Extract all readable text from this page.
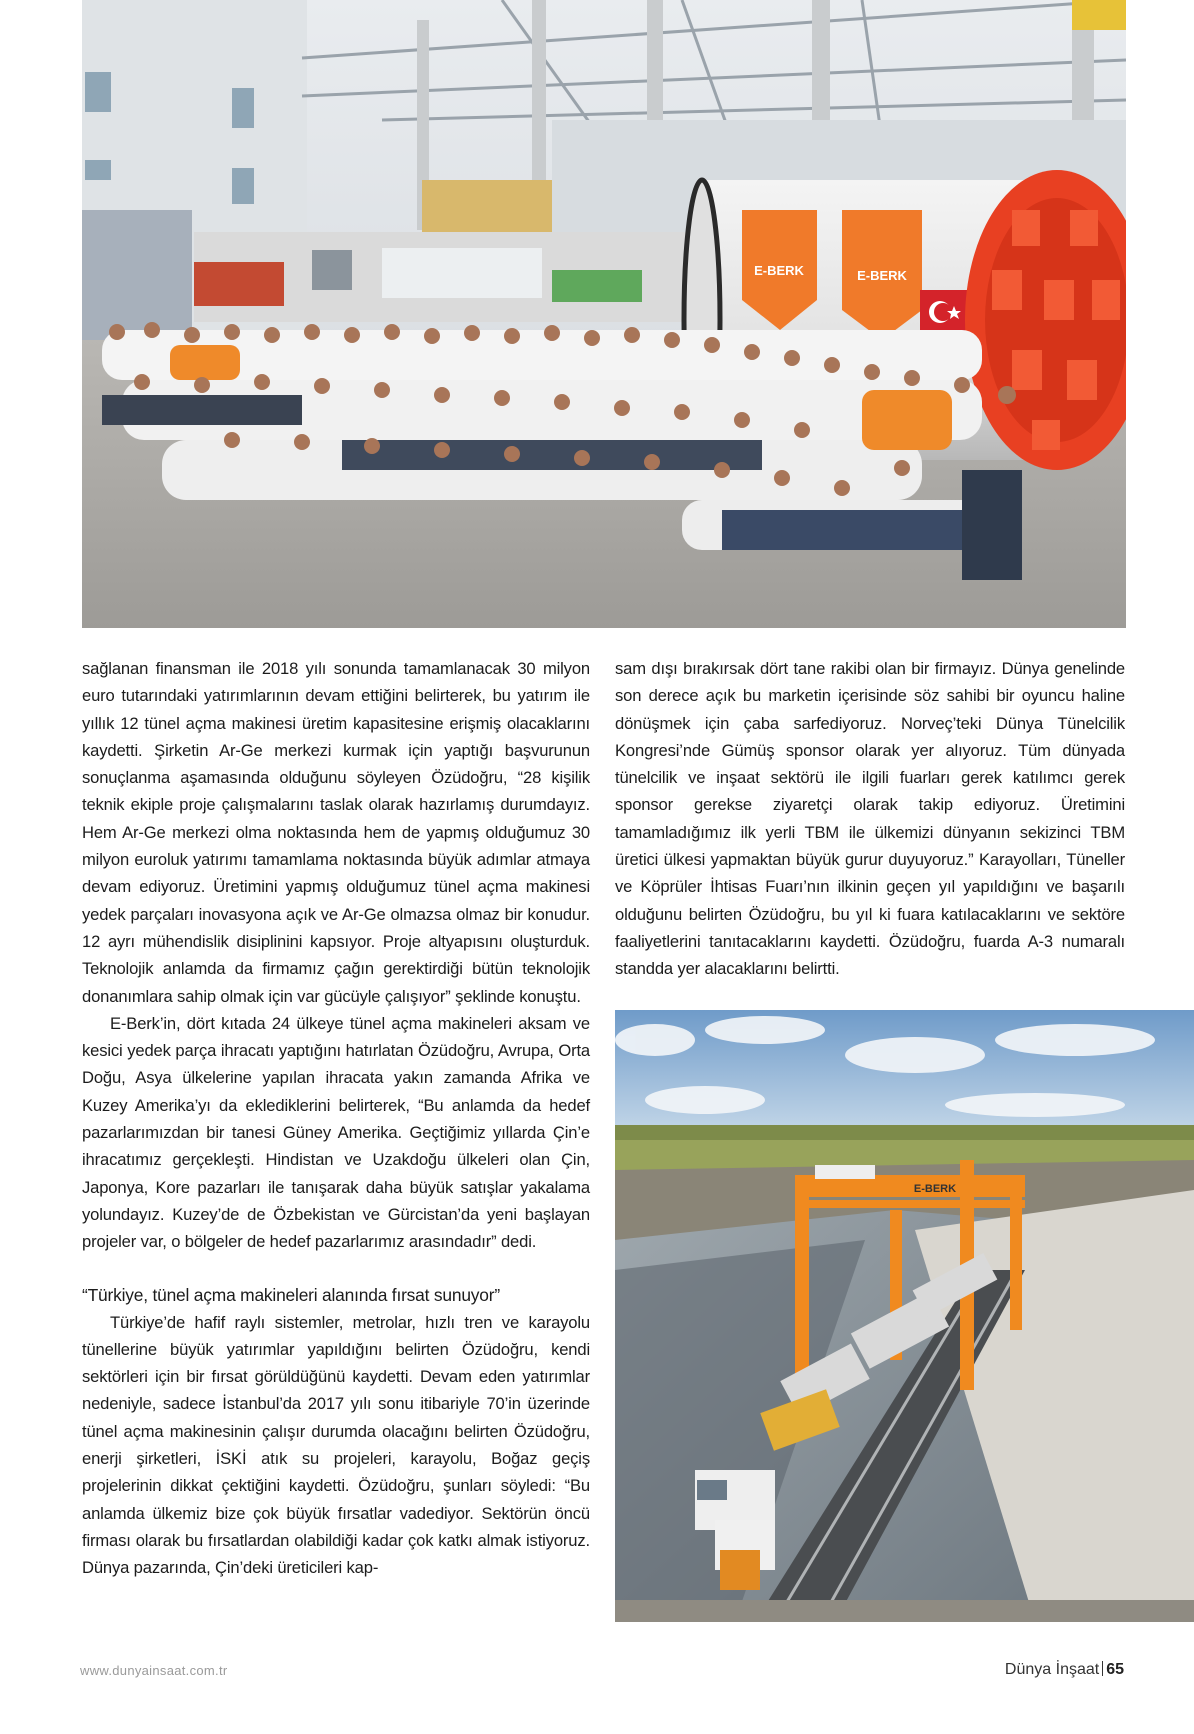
E-BERK	E-BERK

sağlanan finansman ile 2018 yılı sonunda tamamlanacak 30 milyon euro tutarındaki yatırımlarının devam ettiğini belirterek, bu yatırım ile yıllık 12 tünel açma makinesi üretim kapasitesine erişmiş olacaklarını kaydetti. Şirketin Ar-Ge merkezi kurmak için yaptığı başvurunun sonuçlanma aşamasında olduğunu söyleyen Özüdoğru, “28 kişilik teknik ekiple proje çalışmalarını taslak olarak hazırlamış durumdayız. Hem Ar-Ge merkezi olma noktasında hem de yapmış olduğumuz 30 milyon euroluk yatırımı tamamlama noktasında büyük adımlar atmaya devam ediyoruz. Üretimini yapmış olduğumuz tünel açma makinesi yedek parçaları inovasyona açık ve Ar-Ge olmazsa olmaz bir konudur. 12 ayrı mühendislik disiplinini kapsıyor. Proje altyapısını oluşturduk. Teknolojik anlamda da firmamız çağın gerektirdiği bütün teknolojik donanımlara sahip olmak için var gücüyle çalışıyor” şeklinde konuştu.

E-Berk’in, dört kıtada 24 ülkeye tünel açma makineleri aksam ve kesici yedek parça ihracatı yaptığını hatırlatan Özüdoğru, Avrupa, Orta Doğu, Asya ülkelerine yapılan ihracata yakın zamanda Afrika ve Kuzey Amerika’yı da eklediklerini belirterek, “Bu anlamda da hedef pazarlarımızdan bir tanesi Güney Amerika. Geçtiğimiz yıllarda Çin’e ihracatımız gerçekleşti. Hindistan ve Uzakdoğu ülkeleri olan Çin, Japonya, Kore pazarları ile tanışarak daha büyük satışlar yakalama yolundayız. Kuzey’de de Özbekistan ve Gürcistan’da yeni başlayan projeler var, o bölgeler de hedef pazarlarımız arasındadır” dedi.

“Türkiye, tünel açma makineleri alanında fırsat sunuyor”

Türkiye’de hafif raylı sistemler, metrolar, hızlı tren ve karayolu tünellerine büyük yatırımlar yapıldığını belirten Özüdoğru, kendi sektörleri için bir fırsat görüldüğünü kaydetti. Devam eden yatırımlar nedeniyle, sadece İstanbul’da 2017 yılı sonu itibariyle 70’in üzerinde tünel açma makinesinin çalışır durumda olacağını belirten Özüdoğru, enerji şirketleri, İSKİ atık su projeleri, karayolu, Boğaz geçiş projelerinin dikkat çektiğini kaydetti. Özüdoğru, şunları söyledi: “Bu anlamda ülkemiz bize çok büyük fırsatlar vadediyor. Sektörün öncü firması olarak bu fırsatlardan olabildiği kadar çok katkı almak istiyoruz. Dünya pazarında, Çin’deki üreticileri kap-

sam dışı bırakırsak dört tane rakibi olan bir firmayız. Dünya genelinde son derece açık bu marketin içerisinde söz sahibi bir oyuncu haline dönüşmek için çaba sarfediyoruz. Norveç’teki Dünya Tünelcilik Kongresi’nde Gümüş sponsor olarak yer alıyoruz. Tüm dünyada tünelcilik ve inşaat sektörü ile ilgili fuarları gerek katılımcı gerek sponsor gerekse ziyaretçi olarak takip ediyoruz. Üretimini tamamladığımız ilk yerli TBM ile ülkemizi dünyanın sekizinci TBM üretici ülkesi yapmaktan büyük gurur duyuyoruz.” Karayolları, Tüneller ve Köprüler İhtisas Fuarı’nın ilkinin geçen yıl yapıldığını ve başarılı olduğunu belirten Özüdoğru, bu yıl ki fuara katılacaklarını ve sektöre faaliyetlerini tanıtacaklarını kaydetti. Özüdoğru, fuarda A-3 numaralı standda yer alacaklarını belirtti.

E-BERK
www.dunyainsaat.com.tr	Dünya İnşaat 65
